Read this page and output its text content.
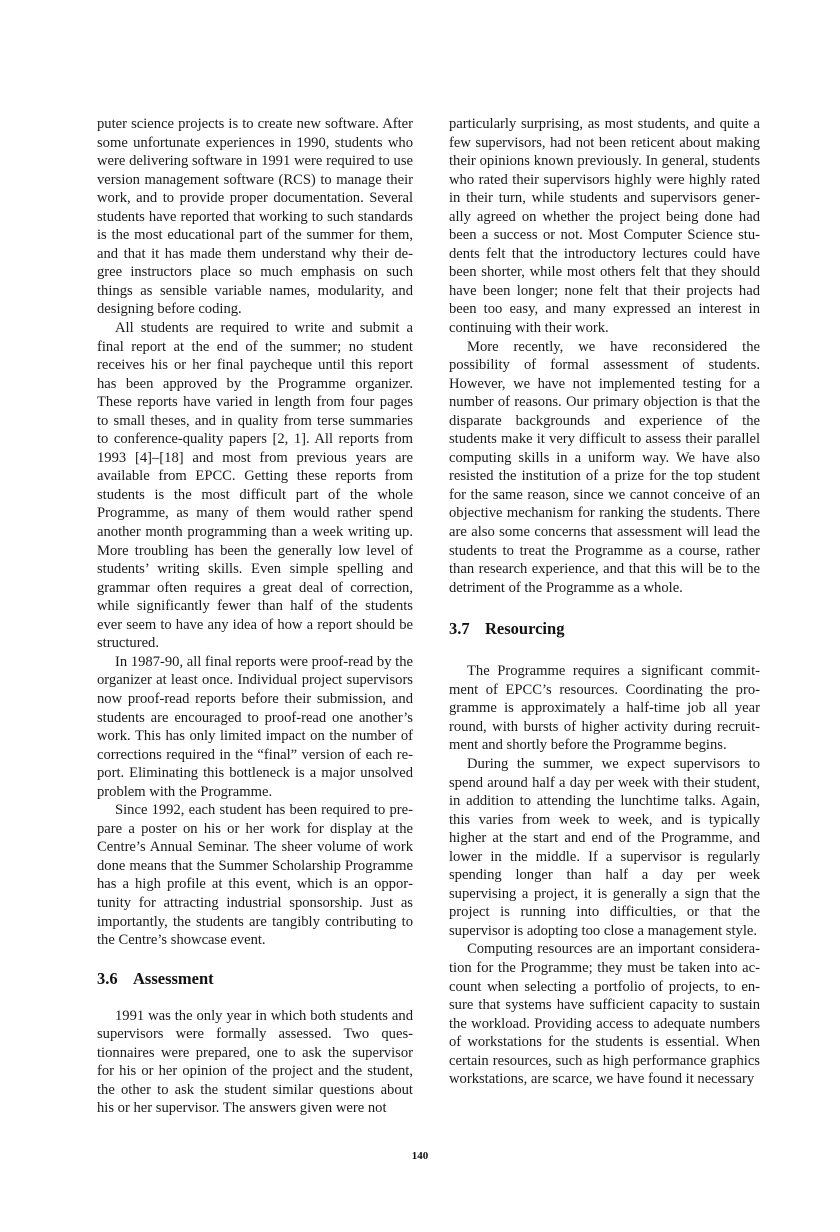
puter science projects is to create new software. After some unfortunate experiences in 1990, students who were delivering software in 1991 were required to use version management software (RCS) to manage their work, and to provide proper documentation. Several students have reported that working to such standards is the most educational part of the summer for them, and that it has made them understand why their degree instructors place so much emphasis on such things as sensible variable names, modularity, and designing before coding.

All students are required to write and submit a final report at the end of the summer; no student receives his or her final paycheque until this report has been approved by the Programme organizer. These reports have varied in length from four pages to small theses, and in quality from terse summaries to conference-quality papers [2, 1]. All reports from 1993 [4]–[18] and most from previous years are available from EPCC. Getting these reports from students is the most difficult part of the whole Programme, as many of them would rather spend another month programming than a week writing up. More troubling has been the generally low level of students’ writing skills. Even simple spelling and grammar often requires a great deal of correction, while significantly fewer than half of the students ever seem to have any idea of how a report should be structured.

In 1987-90, all final reports were proof-read by the organizer at least once. Individual project supervisors now proof-read reports before their submission, and students are encouraged to proof-read one another’s work. This has only limited impact on the number of corrections required in the “final” version of each report. Eliminating this bottleneck is a major unsolved problem with the Programme.

Since 1992, each student has been required to prepare a poster on his or her work for display at the Centre’s Annual Seminar. The sheer volume of work done means that the Summer Scholarship Programme has a high profile at this event, which is an opportunity for attracting industrial sponsorship. Just as importantly, the students are tangibly contributing to the Centre’s showcase event.

3.6 Assessment

1991 was the only year in which both students and supervisors were formally assessed. Two questionnaires were prepared, one to ask the supervisor for his or her opinion of the project and the student, the other to ask the student similar questions about his or her supervisor. The answers given were not

particularly surprising, as most students, and quite a few supervisors, had not been reticent about making their opinions known previously. In general, students who rated their supervisors highly were highly rated in their turn, while students and supervisors generally agreed on whether the project being done had been a success or not. Most Computer Science students felt that the introductory lectures could have been shorter, while most others felt that they should have been longer; none felt that their projects had been too easy, and many expressed an interest in continuing with their work.

More recently, we have reconsidered the possibility of formal assessment of students. However, we have not implemented testing for a number of reasons. Our primary objection is that the disparate backgrounds and experience of the students make it very difficult to assess their parallel computing skills in a uniform way. We have also resisted the institution of a prize for the top student for the same reason, since we cannot conceive of an objective mechanism for ranking the students. There are also some concerns that assessment will lead the students to treat the Programme as a course, rather than research experience, and that this will be to the detriment of the Programme as a whole.

3.7 Resourcing

The Programme requires a significant commitment of EPCC’s resources. Coordinating the programme is approximately a half-time job all year round, with bursts of higher activity during recruitment and shortly before the Programme begins.

During the summer, we expect supervisors to spend around half a day per week with their student, in addition to attending the lunchtime talks. Again, this varies from week to week, and is typically higher at the start and end of the Programme, and lower in the middle. If a supervisor is regularly spending longer than half a day per week supervising a project, it is generally a sign that the project is running into difficulties, or that the supervisor is adopting too close a management style.

Computing resources are an important consideration for the Programme; they must be taken into account when selecting a portfolio of projects, to ensure that systems have sufficient capacity to sustain the workload. Providing access to adequate numbers of workstations for the students is essential. When certain resources, such as high performance graphics workstations, are scarce, we have found it necessary

140
